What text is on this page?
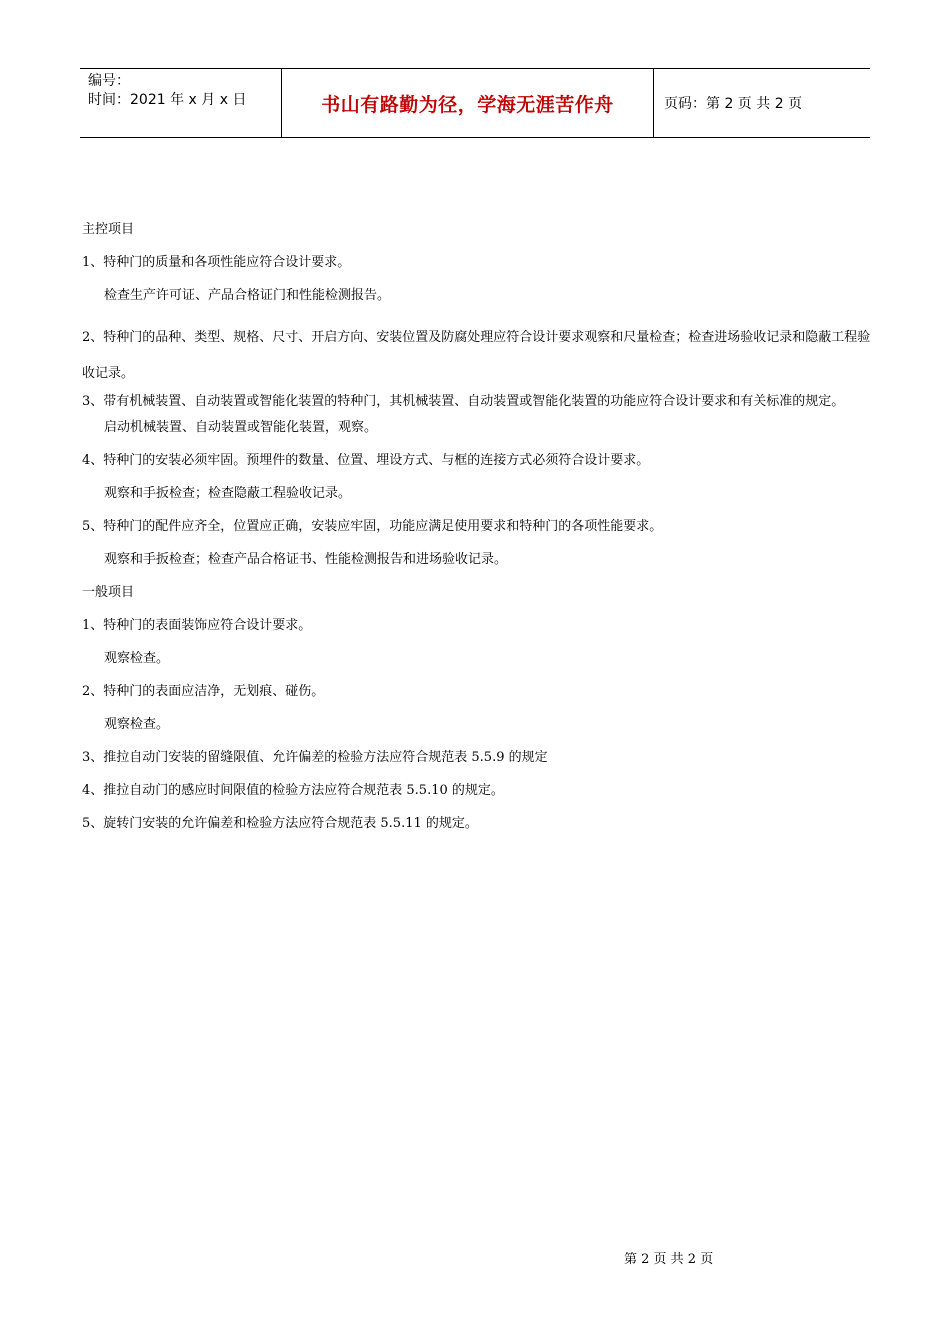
编号：
时间：2021 年 x 月 x 日	书山有路勤为径，学海无涯苦作舟	页码：第 2 页 共 2 页

主控项目

1、特种门的质量和各项性能应符合设计要求。

检查生产许可证、产品合格证门和性能检测报告。

2、特种门的品种、类型、规格、尺寸、开启方向、安装位置及防腐处理应符合设计要求观察和尺量检查；检查进场验收记录和隐蔽工程验收记录。

3、带有机械装置、自动装置或智能化装置的特种门，其机械装置、自动装置或智能化装置的功能应符合设计要求和有关标准的规定。

启动机械装置、自动装置或智能化装置，观察。

4、特种门的安装必须牢固。预埋件的数量、位置、埋设方式、与框的连接方式必须符合设计要求。

观察和手扳检查；检查隐蔽工程验收记录。

5、特种门的配件应齐全，位置应正确，安装应牢固，功能应满足使用要求和特种门的各项性能要求。

观察和手扳检查；检查产品合格证书、性能检测报告和进场验收记录。

一般项目

1、特种门的表面装饰应符合设计要求。

观察检查。

2、特种门的表面应洁净，无划痕、碰伤。

观察检查。

3、推拉自动门安装的留缝限值、允许偏差的检验方法应符合规范表 5.5.9 的规定

4、推拉自动门的感应时间限值的检验方法应符合规范表 5.5.10 的规定。

5、旋转门安装的允许偏差和检验方法应符合规范表 5.5.11 的规定。

第 2 页 共 2 页
